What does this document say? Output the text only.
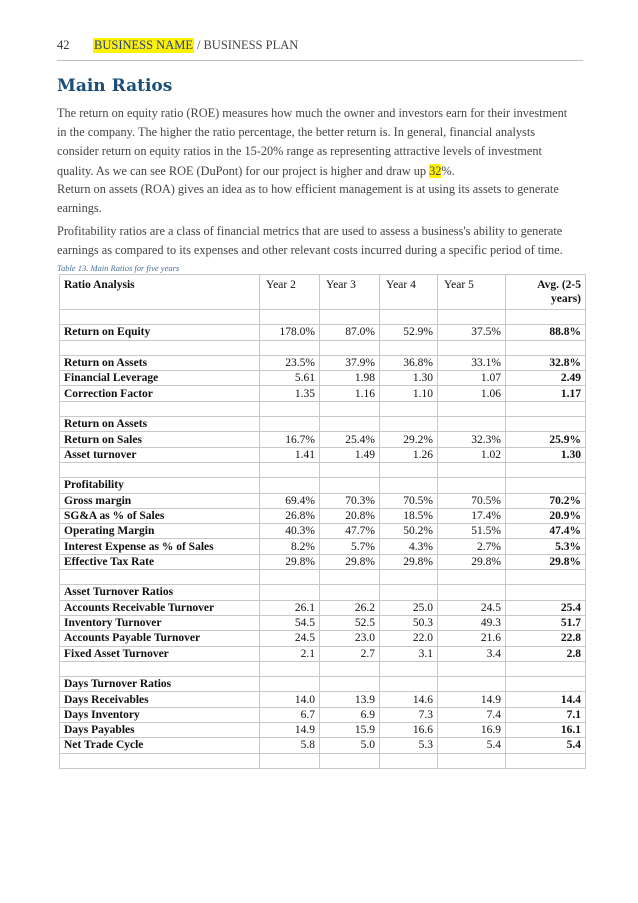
42	BUSINESS NAME / BUSINESS PLAN
Main Ratios

The return on equity ratio (ROE) measures how much the owner and investors earn for their investment in the company. The higher the ratio percentage, the better return is. In general, financial analysts consider return on equity ratios in the 15-20% range as representing attractive levels of investment quality. As we can see ROE (DuPont) for our project is higher and draw up 32%.

Return on assets (ROA) gives an idea as to how efficient management is at using its assets to generate earnings.

Profitability ratios are a class of financial metrics that are used to assess a business's ability to generate earnings as compared to its expenses and other relevant costs incurred during a specific period of time.

Table 13. Main Ratios for five years
Ratio Analysis	Year 2	Year 3	Year 4	Year 5	Avg. (2-5 years)

Return on Equity	178.0%	87.0%	52.9%	37.5%	88.8%

Return on Assets	23.5%	37.9%	36.8%	33.1%	32.8%
Financial Leverage	5.61	1.98	1.30	1.07	2.49
Correction Factor	1.35	1.16	1.10	1.06	1.17

Return on Assets					
Return on Sales	16.7%	25.4%	29.2%	32.3%	25.9%
Asset turnover	1.41	1.49	1.26	1.02	1.30

Profitability					
Gross margin	69.4%	70.3%	70.5%	70.5%	70.2%
SG&A as % of Sales	26.8%	20.8%	18.5%	17.4%	20.9%
Operating Margin	40.3%	47.7%	50.2%	51.5%	47.4%
Interest Expense as % of Sales	8.2%	5.7%	4.3%	2.7%	5.3%
Effective Tax Rate	29.8%	29.8%	29.8%	29.8%	29.8%

Asset Turnover Ratios					
Accounts Receivable Turnover	26.1	26.2	25.0	24.5	25.4
Inventory Turnover	54.5	52.5	50.3	49.3	51.7
Accounts Payable Turnover	24.5	23.0	22.0	21.6	22.8
Fixed Asset Turnover	2.1	2.7	3.1	3.4	2.8

Days Turnover Ratios					
Days Receivables	14.0	13.9	14.6	14.9	14.4
Days Inventory	6.7	6.9	7.3	7.4	7.1
Days Payables	14.9	15.9	16.6	16.9	16.1
Net Trade Cycle	5.8	5.0	5.3	5.4	5.4
